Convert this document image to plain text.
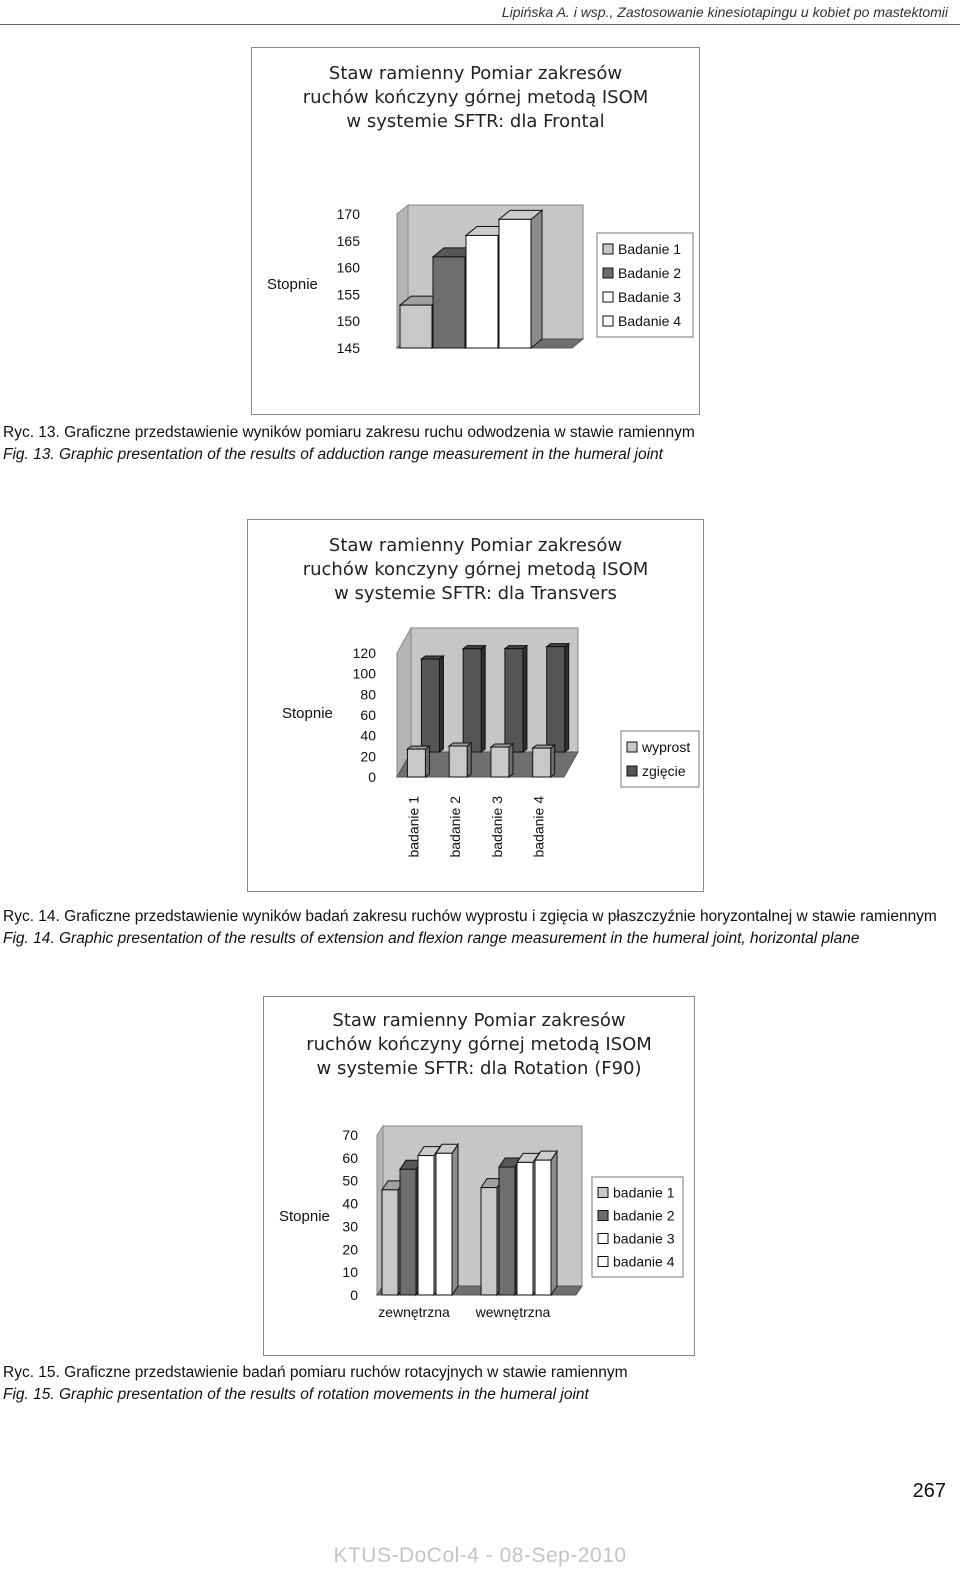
Lipińska A. i wsp., Zastosowanie kinesiotapingu u kobiet po mastektomii
Staw ramienny Pomiar zakresów
ruchów kończyny górnej metodą ISOM
w systemie SFTR: dla Frontal
145
150
155
160
165
170
Stopnie
Badanie 1
Badanie 2
Badanie 3
Badanie 4
Ryc. 13. Graficzne przedstawienie wyników pomiaru zakresu ruchu odwodzenia w stawie ramiennym
Fig. 13. Graphic presentation of the results of adduction range measurement in the humeral joint
Staw ramienny Pomiar zakresów
ruchów konczyny górnej metodą ISOM
w systemie SFTR: dla Transvers
0
20
40
60
80
100
120
Stopnie
badanie 1 badanie 2 badanie 3 badanie 4
wyprost
zgięcie
Ryc. 14. Graficzne przedstawienie wyników badań zakresu ruchów wyprostu i zgięcia w płaszczyźnie horyzontalnej w stawie ramiennym
Fig. 14. Graphic presentation of the results of extension and flexion range measurement in the humeral joint, horizontal plane
Staw ramienny Pomiar zakresów
ruchów kończyny górnej metodą ISOM
w systemie SFTR: dla Rotation (F90)
0
10
20
30
40
50
60
70
Stopnie
zewnętrzna wewnętrzna
badanie 1
badanie 2
badanie 3
badanie 4
Ryc. 15. Graficzne przedstawienie badań pomiaru ruchów rotacyjnych w stawie ramiennym
Fig. 15. Graphic presentation of the results of rotation movements in the humeral joint
267
KTUS-DoCol-4 - 08-Sep-2010
